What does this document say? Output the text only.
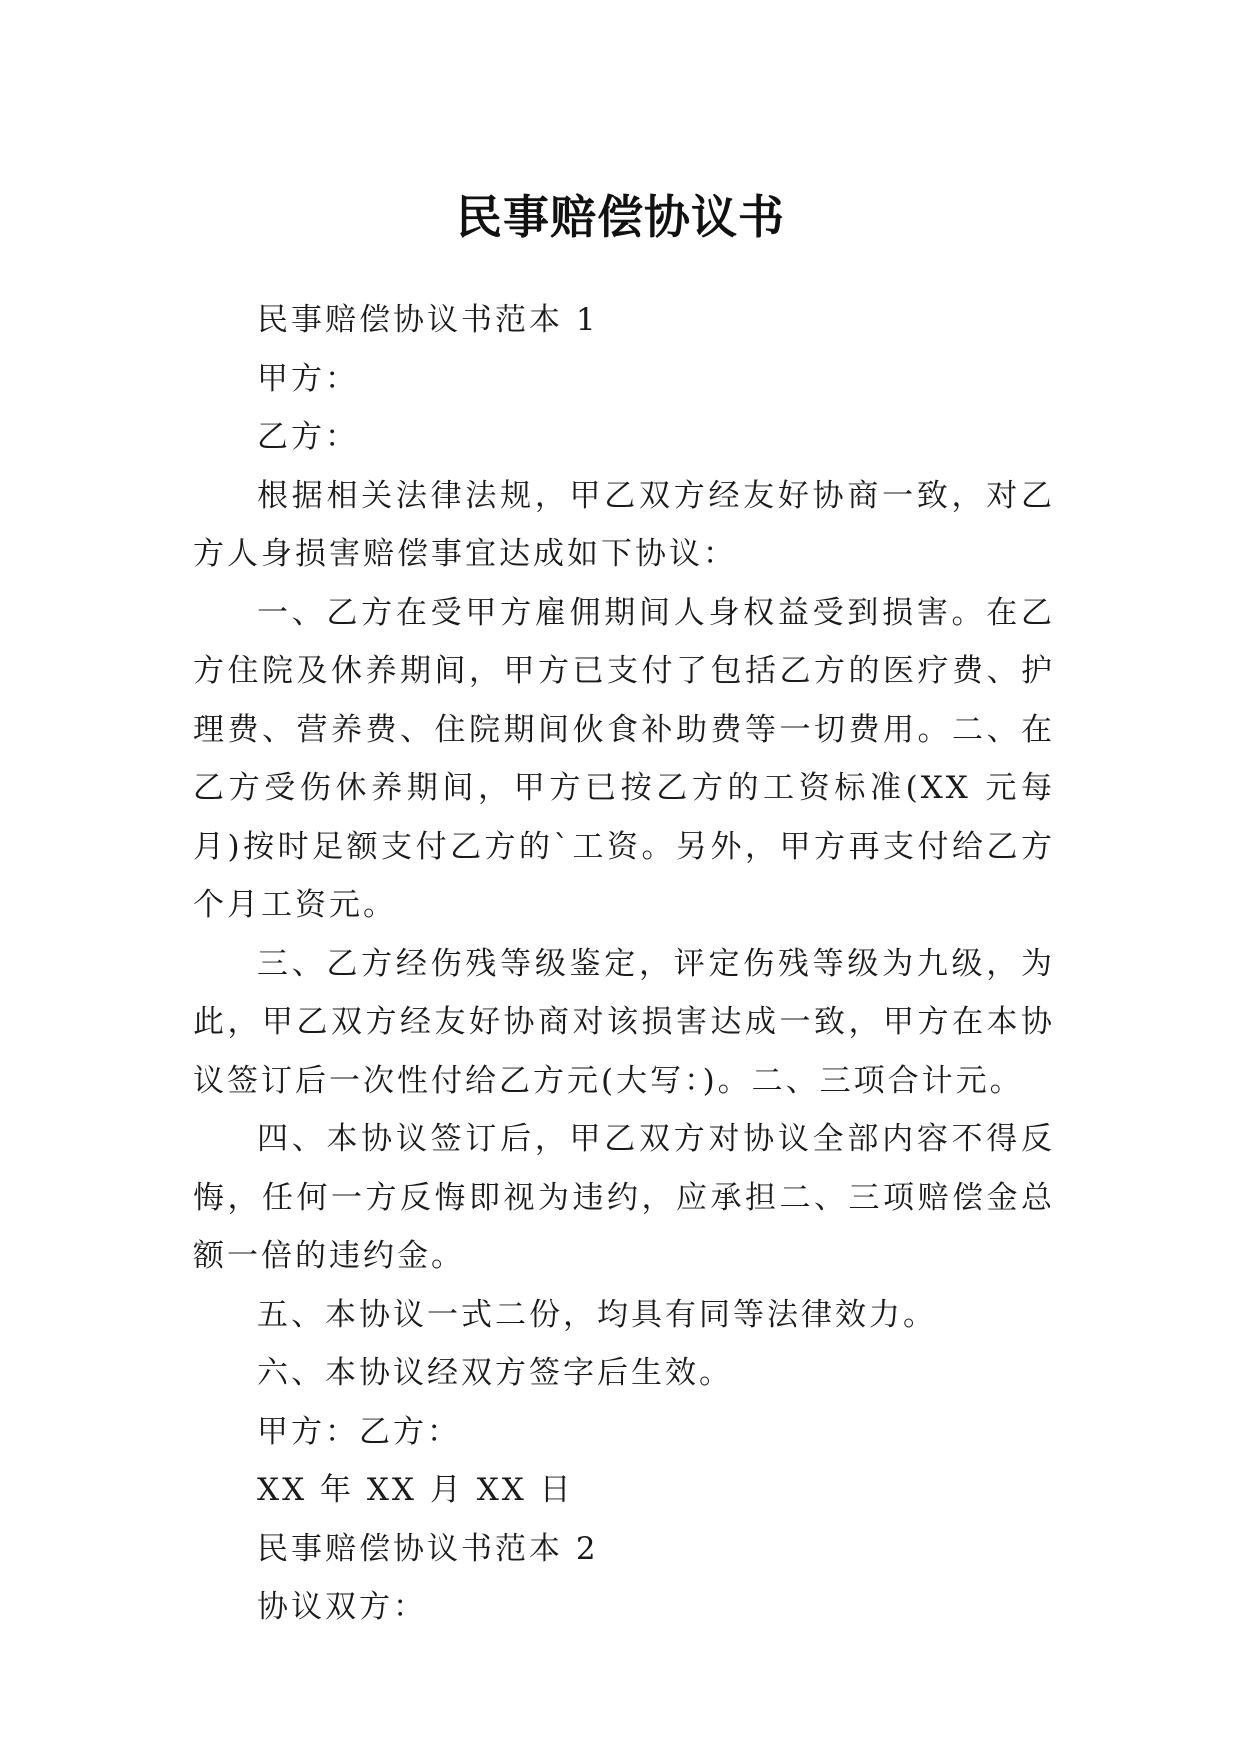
民事赔偿协议书

民事赔偿协议书范本 1

甲方：

乙方：

根据相关法律法规，甲乙双方经友好协商一致，对乙方人身损害赔偿事宜达成如下协议：

一、乙方在受甲方雇佣期间人身权益受到损害。在乙方住院及休养期间，甲方已支付了包括乙方的医疗费、护理费、营养费、住院期间伙食补助费等一切费用。二、在乙方受伤休养期间，甲方已按乙方的工资标准(XX 元每月)按时足额支付乙方的`工资。另外，甲方再支付给乙方个月工资元。

三、乙方经伤残等级鉴定，评定伤残等级为九级，为此，甲乙双方经友好协商对该损害达成一致，甲方在本协议签订后一次性付给乙方元(大写：)。二、三项合计元。

四、本协议签订后，甲乙双方对协议全部内容不得反悔，任何一方反悔即视为违约，应承担二、三项赔偿金总额一倍的违约金。

五、本协议一式二份，均具有同等法律效力。

六、本协议经双方签字后生效。

甲方：乙方：

XX 年 XX 月 XX 日

民事赔偿协议书范本 2

协议双方：
